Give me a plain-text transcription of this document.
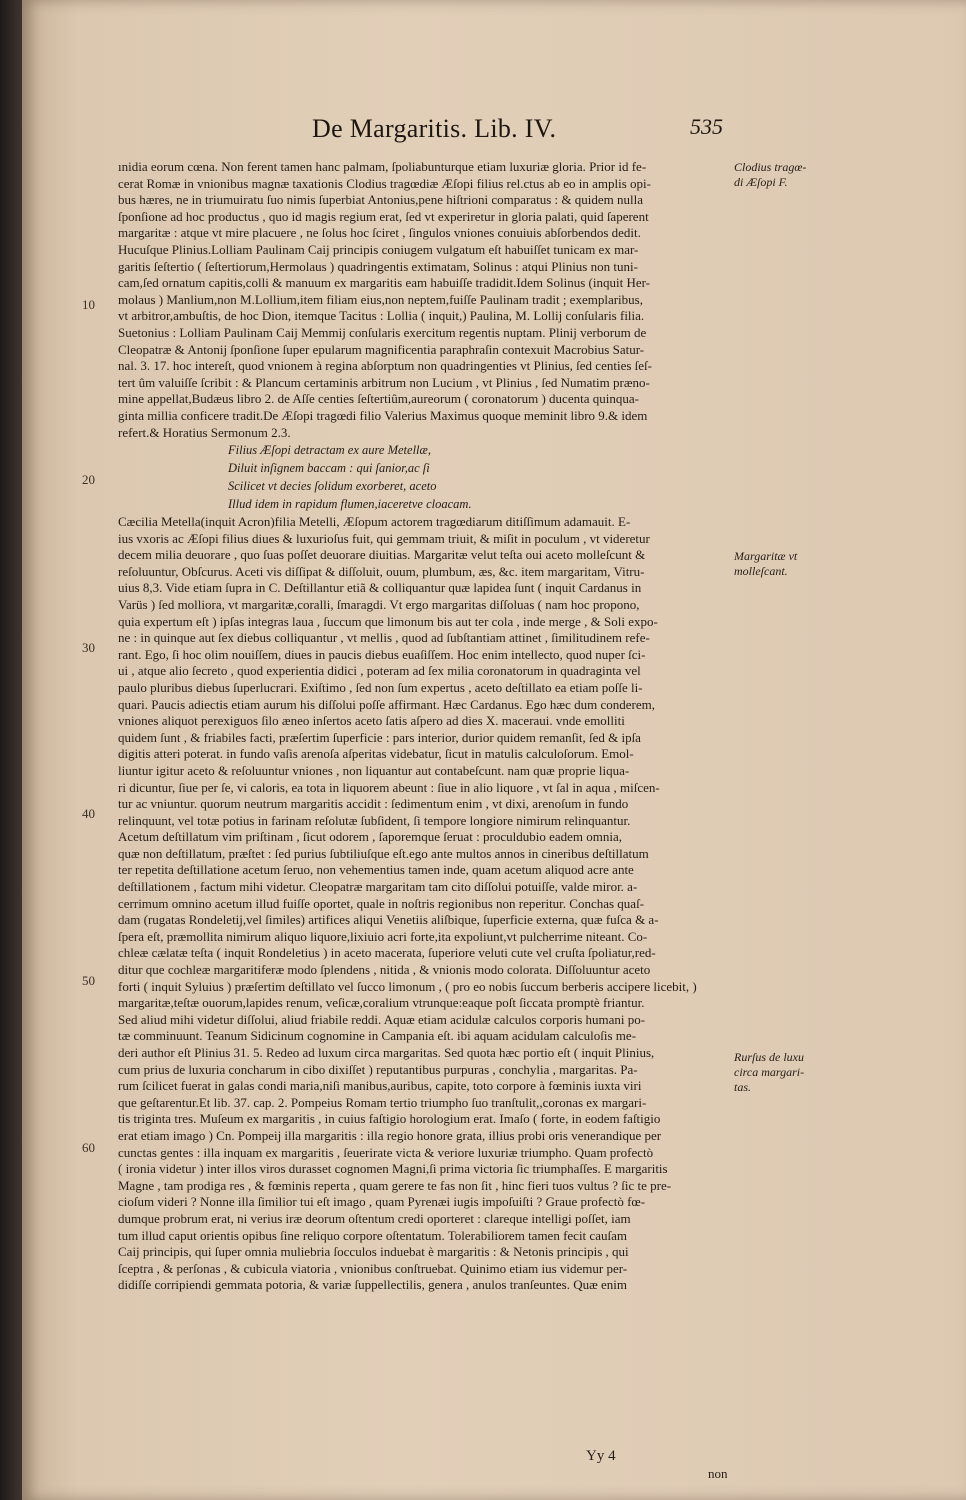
De Margaritis. Lib. IV.	535
ınidia eorum cœna. Non ferent tamen hanc palmam, ſpoliabunturque etiam luxuriæ gloria. Prior id fe-
cerat Romæ in vnionibus magnæ taxationis Clodius tragœdiæ Æſopi filius rel.ctus ab eo in amplis opi-
bus hæres, ne in triumuiratu ſuo nimis ſuperbiat Antonius,pene hiſtrioni comparatus : & quidem nulla
ſponſione ad hoc productus , quo id magis regium erat, ſed vt experiretur in gloria palati, quid ſaperent
margaritæ : atque vt mire placuere , ne ſolus hoc ſciret , ſingulos vniones conuiuis abſorbendos dedit.
Hucuſque Plinius.Lolliam Paulinam Caij principis coniugem vulgatum eſt habuiſſet tunicam ex mar-
garitis ſeſtertio ( ſeſtertiorum,Hermolaus ) quadringentis extimatam, Solinus : atqui Plinius non tuni-
cam,ſed ornatum capitis,colli & manuum ex margaritis eam habuiſſe tradidit.Idem Solinus (inquit Her-
molaus ) Manlium,non M.Lollium,item filiam eius,non neptem,fuiſſe Paulinam tradit ; exemplaribus,
vt arbitror,ambuſtis, de hoc Dion, itemque Tacitus : Lollia ( inquit,) Paulina, M. Lollij conſularis filia.
Suetonius : Lolliam Paulinam Caij Memmij conſularis exercitum regentis nuptam. Plinij verborum de
Cleopatræ & Antonij ſponſione ſuper epularum magnificentia paraphraſin contexuit Macrobius Satur-
nal. 3. 17. hoc intereſt, quod vnionem à regina abſorptum non quadringenties vt Plinius, ſed centies ſeſ-
tert ûm valuiſſe ſcribit : & Plancum certaminis arbitrum non Lucium , vt Plinius , ſed Numatim præno-
mine appellat,Budæus libro 2. de Aſſe centies ſeſtertiûm,aureorum ( coronatorum ) ducenta quinqua-
ginta millia conficere tradit.De Æſopi tragœdi filio Valerius Maximus quoque meminit libro 9.& idem
refert.& Horatius Sermonum 2.3.
Filius Æſopi detractam ex aure Metellæ,
Diluit inſignem baccam : qui ſanior,ac ſi
Scilicet vt decies ſolidum exorberet, aceto
Illud idem in rapidum flumen,iaceretve cloacam.
Cæcilia Metella(inquit Acron)filia Metelli, Æſopum actorem tragœdiarum ditiſſimum adamauit. E-
ius vxoris ac Æſopi filius diues & luxurioſus fuit, qui gemmam triuit, & miſit in poculum , vt videretur
decem milia deuorare , quo ſuas poſſet deuorare diuitias. Margaritæ velut teſta oui aceto molleſcunt &
reſoluuntur, Obſcurus. Aceti vis diſſipat & diſſoluit, ouum, plumbum, æs, &c. item margaritam, Vitru-
uius 8,3. Vide etiam ſupra in C. Deſtillantur etiã & colliquantur quæ lapidea ſunt ( inquit Cardanus in
Varüs ) ſed molliora, vt margaritæ,coralli, ſmaragdi. Vt ergo margaritas diſſoluas ( nam hoc propono,
quia expertum eſt ) ipſas integras laua , ſuccum que limonum bis aut ter cola , inde merge , & Soli expo-
ne : in quinque aut ſex diebus colliquantur , vt mellis , quod ad ſubſtantiam attinet , ſimilitudinem refe-
rant. Ego, ſi hoc olim nouiſſem, diues in paucis diebus euaſiſſem. Hoc enim intellecto, quod nuper ſci-
ui , atque alio ſecreto , quod experientia didici , poteram ad ſex milia coronatorum in quadraginta vel
paulo pluribus diebus ſuperlucrari. Exiſtimo , ſed non ſum expertus , aceto deſtillato ea etiam poſſe li-
quari. Paucis adiectis etiam aurum his diſſolui poſſe affirmant. Hæc Cardanus. Ego hæc dum conderem,
vniones aliquot perexiguos ſilo æneo inſertos aceto ſatis aſpero ad dies X. maceraui. vnde emolliti
quidem ſunt , & friabiles facti, præſertim ſuperficie : pars interior, durior quidem remanſit, ſed & ipſa
digitis atteri poterat. in fundo vaſis arenoſa aſperitas videbatur, ſicut in matulis calculoſorum. Emol-
liuntur igitur aceto & reſoluuntur vniones , non liquantur aut contabeſcunt. nam quæ proprie liqua-
ri dicuntur, ſiue per ſe, vi caloris, ea tota in liquorem abeunt : ſiue in alio liquore , vt ſal in aqua , miſcen-
tur ac vniuntur. quorum neutrum margaritis accidit : ſedimentum enim , vt dixi, arenoſum in fundo
relinquunt, vel totæ potius in farinam reſolutæ ſubſident, ſi tempore longiore nimirum relinquantur.
Acetum deſtillatum vim priſtinam , ſicut odorem , ſaporemque ſeruat : proculdubio eadem omnia,
quæ non deſtillatum, præſtet : ſed purius ſubtiliuſque eſt.ego ante multos annos in cineribus deſtillatum
ter repetita deſtillatione acetum ſeruo, non vehementius tamen inde, quam acetum aliquod acre ante
deſtillationem , factum mihi videtur. Cleopatræ margaritam tam cito diſſolui potuiſſe, valde miror. a-
cerrimum omnino acetum illud fuiſſe oportet, quale in noſtris regionibus non reperitur. Conchas quaſ-
dam (rugatas Rondeletij,vel ſimiles) artifices aliqui Venetiis aliſbique, ſuperficie externa, quæ fuſca & a-
ſpera eſt, præmollita nimirum aliquo liquore,lixiuio acri forte,ita expoliunt,vt pulcherrime niteant. Co-
chleæ cælatæ teſta ( inquit Rondeletius ) in aceto macerata, ſuperiore veluti cute vel cruſta ſpoliatur,red-
ditur que cochleæ margaritiferæ modo ſplendens , nitida , & vnionis modo colorata. Diſſoluuntur aceto
forti ( inquit Syluius ) præſertim deſtillato vel ſucco limonum , ( pro eo nobis ſuccum berberis accipere licebit, )
margaritæ,teſtæ ouorum,lapides renum, veſicæ,coralium vtrunque:eaque poſt ſiccata promptè friantur.
Sed aliud mihi videtur diſſolui, aliud friabile reddi. Aquæ etiam acidulæ calculos corporis humani po-
tæ comminuunt. Teanum Sidicinum cognomine in Campania eſt. ibi aquam acidulam calculoſis me-
deri author eſt Plinius 31. 5. Redeo ad luxum circa margaritas. Sed quota hæc portio eſt ( inquit Plinius,
cum prius de luxuria concharum in cibo dixiſſet ) reputantibus purpuras , conchylia , margaritas. Pa-
rum ſcilicet fuerat in galas condi maria,niſi manibus,auribus, capite, toto corpore à fœminis iuxta viri
que geſtarentur.Et lib. 37. cap. 2. Pompeius Romam tertio triumpho ſuo tranſtulit,,coronas ex margari-
tis triginta tres. Muſeum ex margaritis , in cuius faſtigio horologium erat. Imaſo ( forte, in eodem faſtigio
erat etiam imago ) Cn. Pompeij illa margaritis : illa regio honore grata, illius probi oris venerandique per
cunctas gentes : illa inquam ex margaritis , ſeuerirate victa & veriore luxuriæ triumpho. Quam profectò
( ironia videtur ) inter illos viros durasset cognomen Magni,ſi prima victoria ſic triumphaſſes. E margaritis
Magne , tam prodiga res , & fœminis reperta , quam gerere te fas non ſit , hinc fieri tuos vultus ? ſic te pre-
cioſum videri ? Nonne illa ſimilior tui eſt imago , quam Pyrenæi iugis impoſuiſti ? Graue profectò fœ-
dumque probrum erat, ni verius iræ deorum oſtentum credi oporteret : clareque intelligi poſſet, iam
tum illud caput orientis opibus ſine reliquo corpore oſtentatum. Tolerabiliorem tamen fecit cauſam
Caij principis, qui ſuper omnia muliebria ſocculos induebat è margaritis : & Netonis principis , qui
ſceptra , & perſonas , & cubicula viatoria , vnionibus conſtruebat. Quinimo etiam ius videmur per-
didiſſe corripiendi gemmata potoria, & variæ ſuppellectilis, genera , anulos tranſeuntes. Quæ enim
10
20
30
40
50
60
Clodius tragœ-
di Æſopi F.
Margaritæ vt
molleſcant.
Rurſus de luxu
circa margari-
tas.
Yy 4
non
